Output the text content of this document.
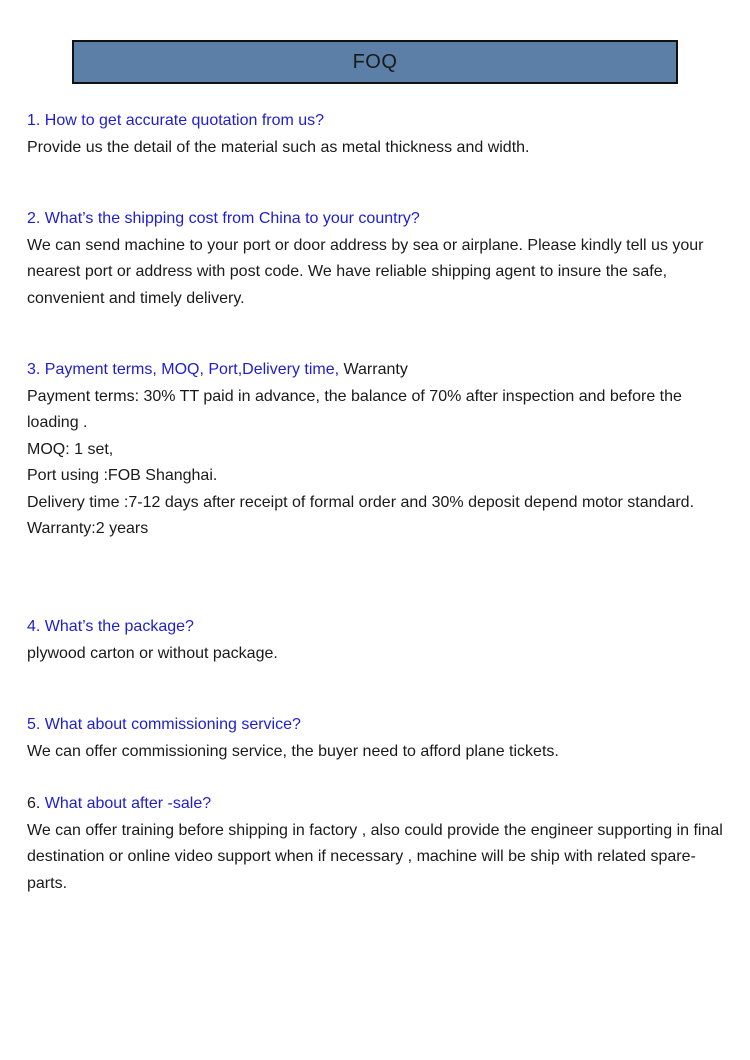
FOQ
1. How to get accurate quotation from us?
Provide us the detail of the material such as metal thickness and width.
2. What’s the shipping cost from China to your country?
We can send machine to your port or door address by sea or airplane. Please kindly tell us your nearest port or address with post code. We have reliable shipping agent to insure the safe, convenient and timely delivery.
3. Payment terms, MOQ, Port,Delivery time, Warranty
Payment terms: 30% TT paid in advance, the balance of 70% after inspection and before the loading .
MOQ: 1 set,
Port using :FOB Shanghai.
Delivery time :7-12 days after receipt of formal order and 30% deposit depend motor standard.
Warranty:2 years
4. What’s the package?
plywood carton or without package.
5. What about commissioning service?
We can offer commissioning service, the buyer need to afford plane tickets.
6. What about after -sale?
We can offer training before shipping in factory , also could provide the engineer supporting in final destination or online video support when if necessary , machine will be ship with related spare-parts.
